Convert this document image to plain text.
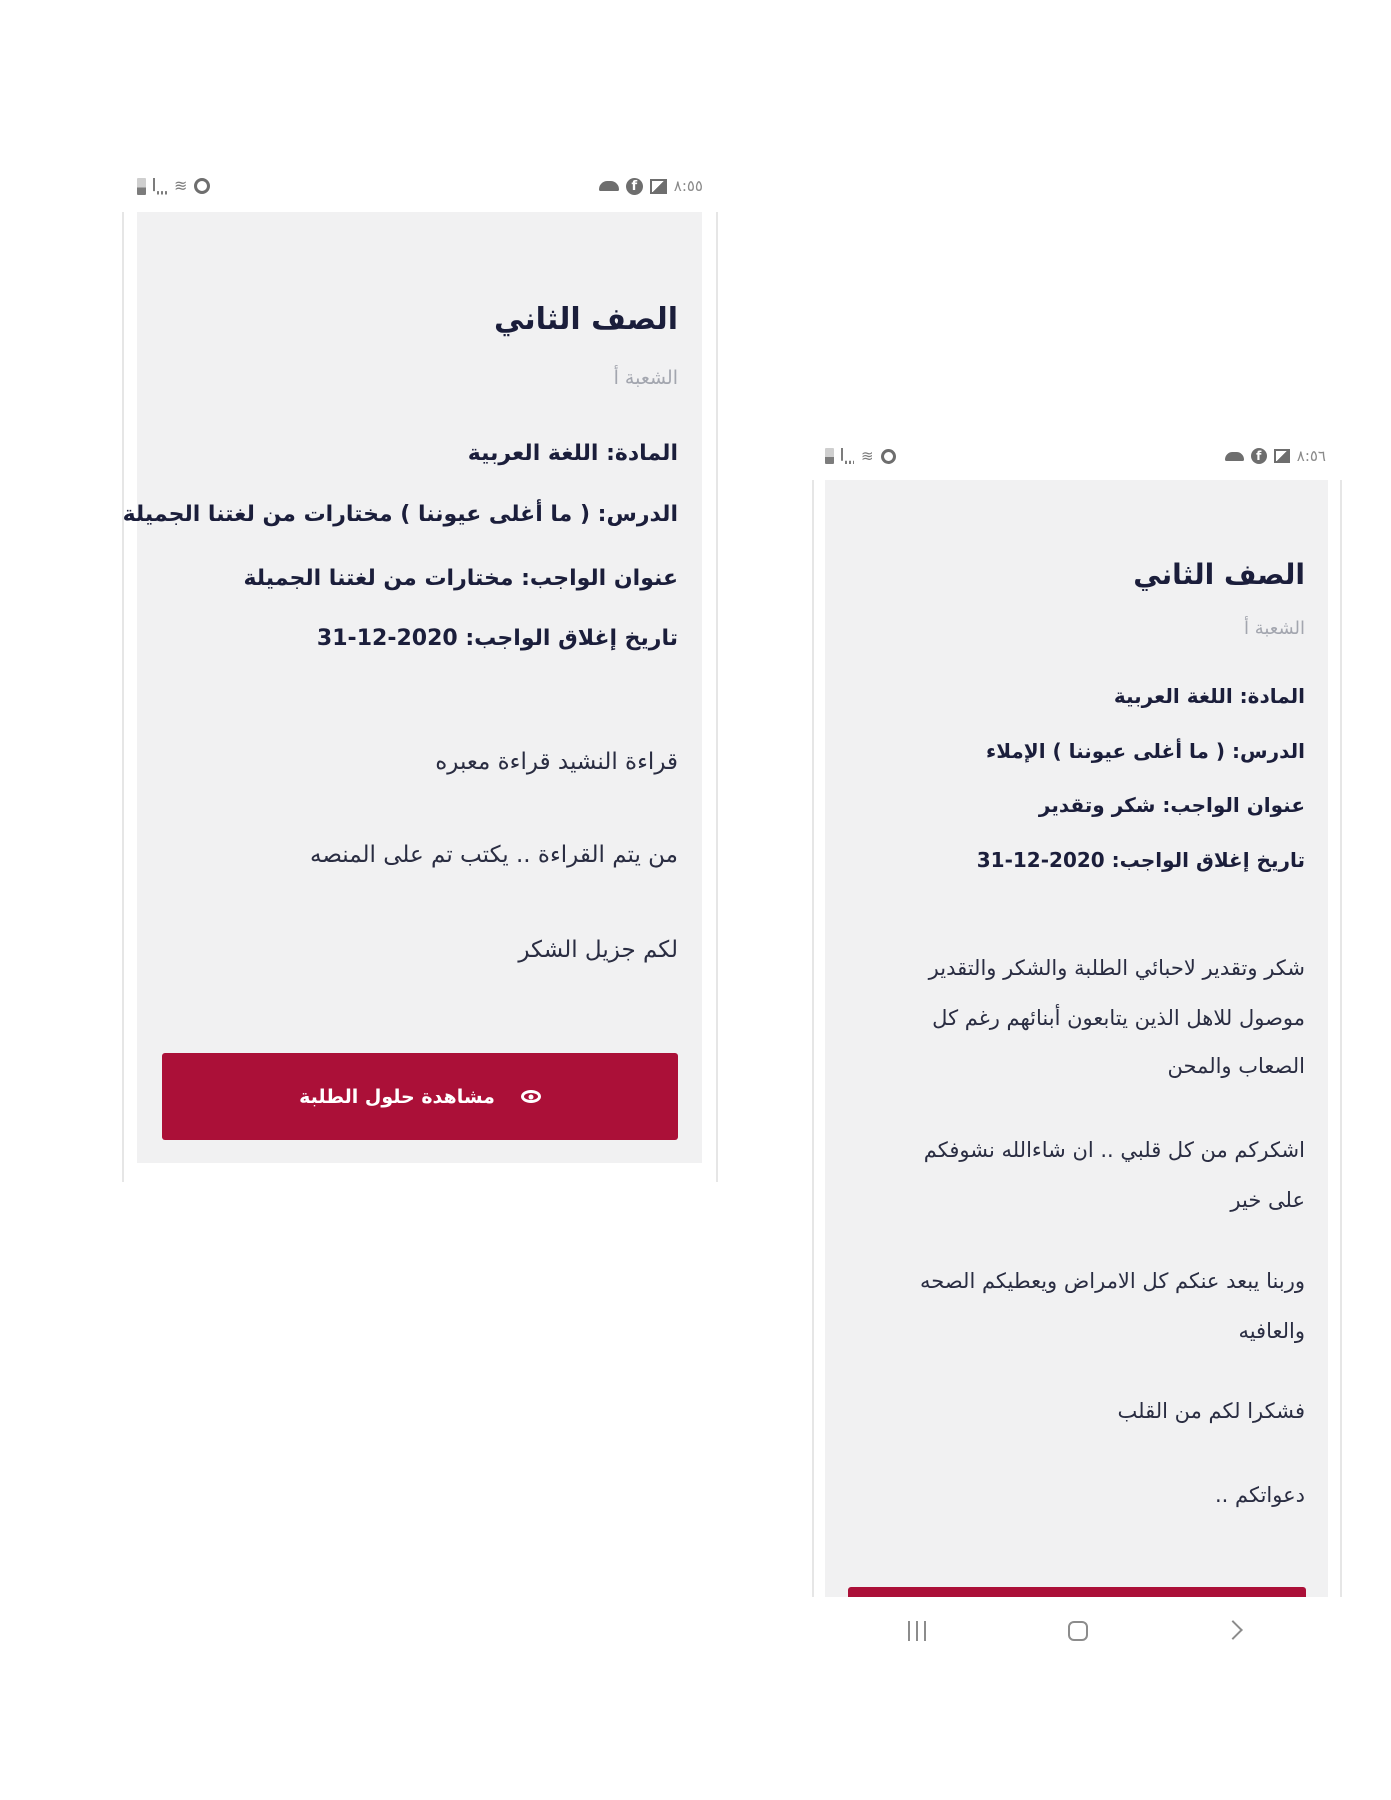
≋	f	٨:٥٥
الصف الثاني
الشعبة أ
المادة: اللغة العربية
الدرس: ( ما أغلى عيوننا ) مختارات من لغتنا الجميلة
عنوان الواجب: مختارات من لغتنا الجميلة
تاريخ إغلاق الواجب: 2020-12-31
قراءة النشيد قراءة معبره
من يتم القراءة .. يكتب تم على المنصه
لكم جزيل الشكر
مشاهدة حلول الطلبة
≋	f	٨:٥٦
الصف الثاني
الشعبة أ
المادة: اللغة العربية
الدرس: ( ما أغلى عيوننا ) الإملاء
عنوان الواجب: شكر وتقدير
تاريخ إغلاق الواجب: 2020-12-31
شكر وتقدير لاحبائي الطلبة والشكر والتقدير
موصول للاهل الذين يتابعون أبنائهم رغم كل
الصعاب والمحن
اشكركم من كل قلبي .. ان شاءالله نشوفكم
على خير
وربنا يبعد عنكم كل الامراض ويعطيكم الصحه
والعافيه
فشكرا لكم من القلب
دعواتكم ..
